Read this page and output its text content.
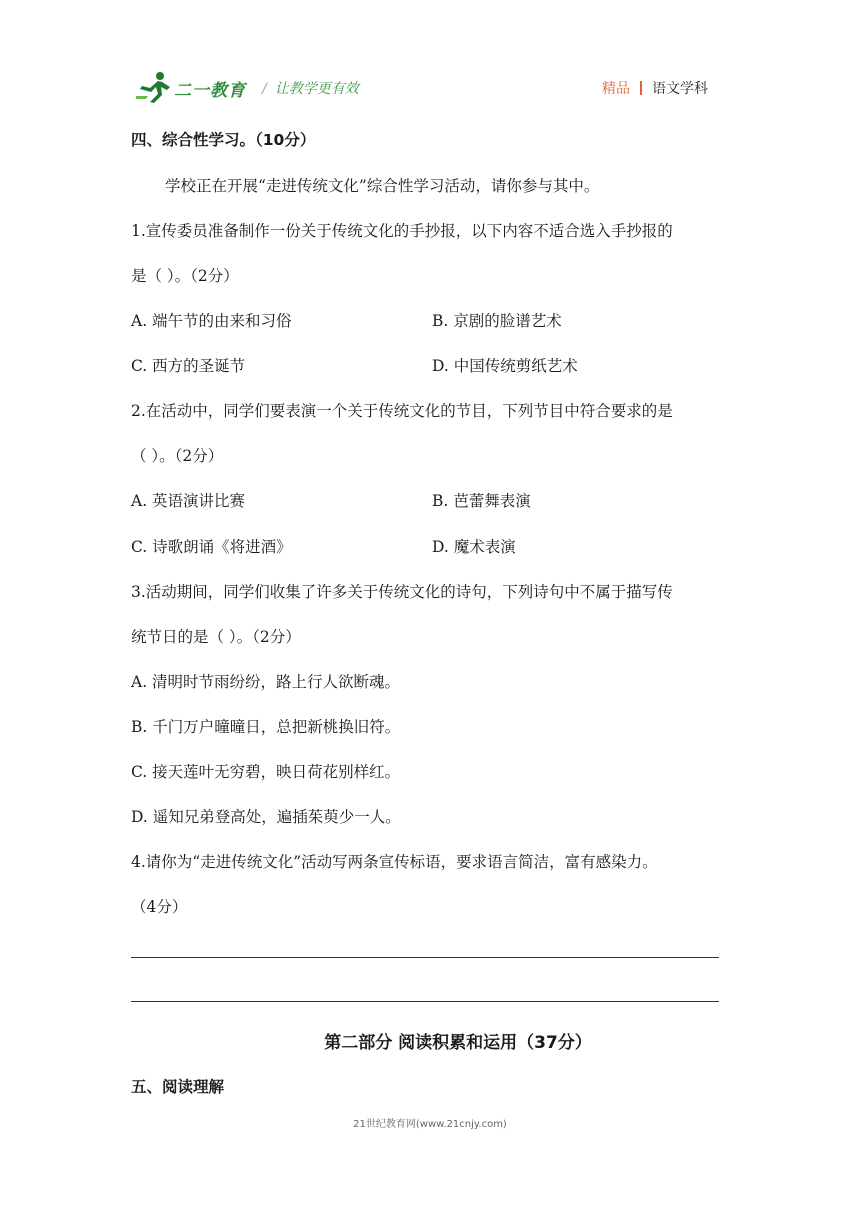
二一教育 / 让教学更有效	精品 语文学科
四、综合性学习。（10分）
学校正在开展“走进传统文化”综合性学习活动，请你参与其中。
1.宣传委员准备制作一份关于传统文化的手抄报，以下内容不适合选入手抄报的
是（ ）。（2分）
A. 端午节的由来和习俗	B. 京剧的脸谱艺术
C. 西方的圣诞节	D. 中国传统剪纸艺术
2.在活动中，同学们要表演一个关于传统文化的节目，下列节目中符合要求的是
（ ）。（2分）
A. 英语演讲比赛	B. 芭蕾舞表演
C. 诗歌朗诵《将进酒》	D. 魔术表演
3.活动期间，同学们收集了许多关于传统文化的诗句，下列诗句中不属于描写传
统节日的是（ ）。（2分）
A. 清明时节雨纷纷，路上行人欲断魂。
B. 千门万户曈曈日，总把新桃换旧符。
C. 接天莲叶无穷碧，映日荷花别样红。
D. 遥知兄弟登高处，遍插茱萸少一人。
4.请你为“走进传统文化”活动写两条宣传标语，要求语言简洁，富有感染力。
（4分）
第二部分 阅读积累和运用（37分）
五、阅读理解
21世纪教育网(www.21cnjy.com)
